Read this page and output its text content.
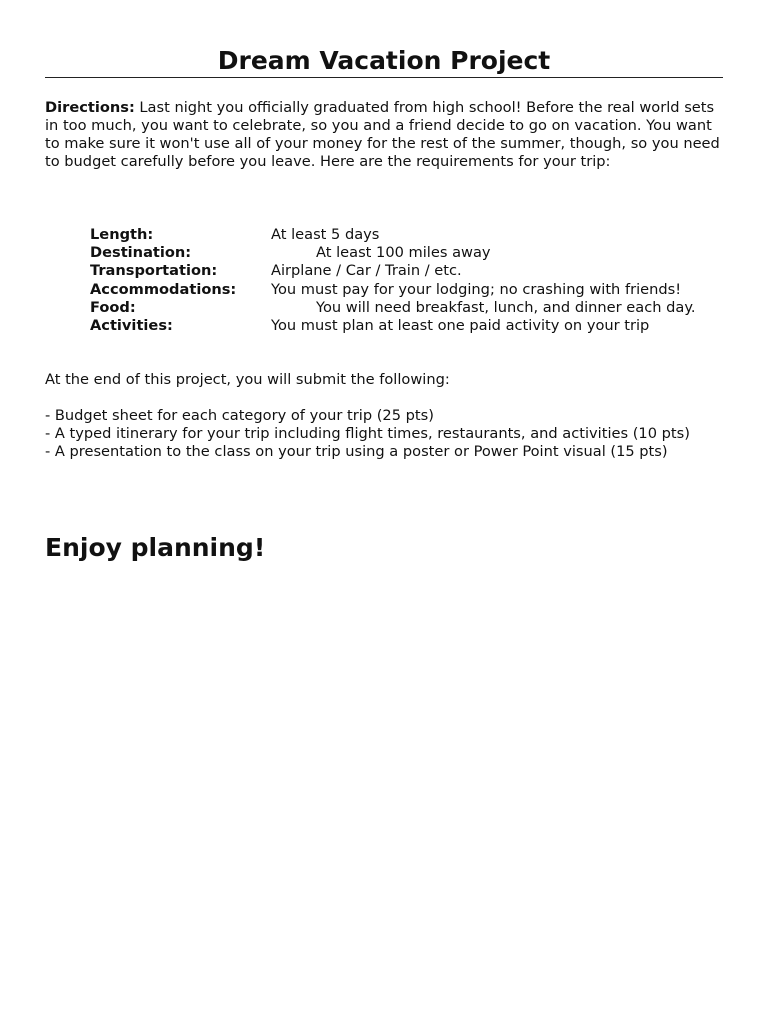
Dream Vacation Project

Directions: Last night you officially graduated from high school! Before the real world sets in too much, you want to celebrate, so you and a friend decide to go on vacation. You want to make sure it won't use all of your money for the rest of the summer, though, so you need to budget carefully before you leave. Here are the requirements for your trip:

Length:	At least 5 days
Destination:	At least 100 miles away
Transportation:	Airplane / Car / Train / etc.
Accommodations:	You must pay for your lodging; no crashing with friends!
Food:	You will need breakfast, lunch, and dinner each day.
Activities:	You must plan at least one paid activity on your trip

At the end of this project, you will submit the following:

- Budget sheet for each category of your trip (25 pts)
- A typed itinerary for your trip including flight times, restaurants, and activities (10 pts)
- A presentation to the class on your trip using a poster or Power Point visual (15 pts)
Enjoy planning!
